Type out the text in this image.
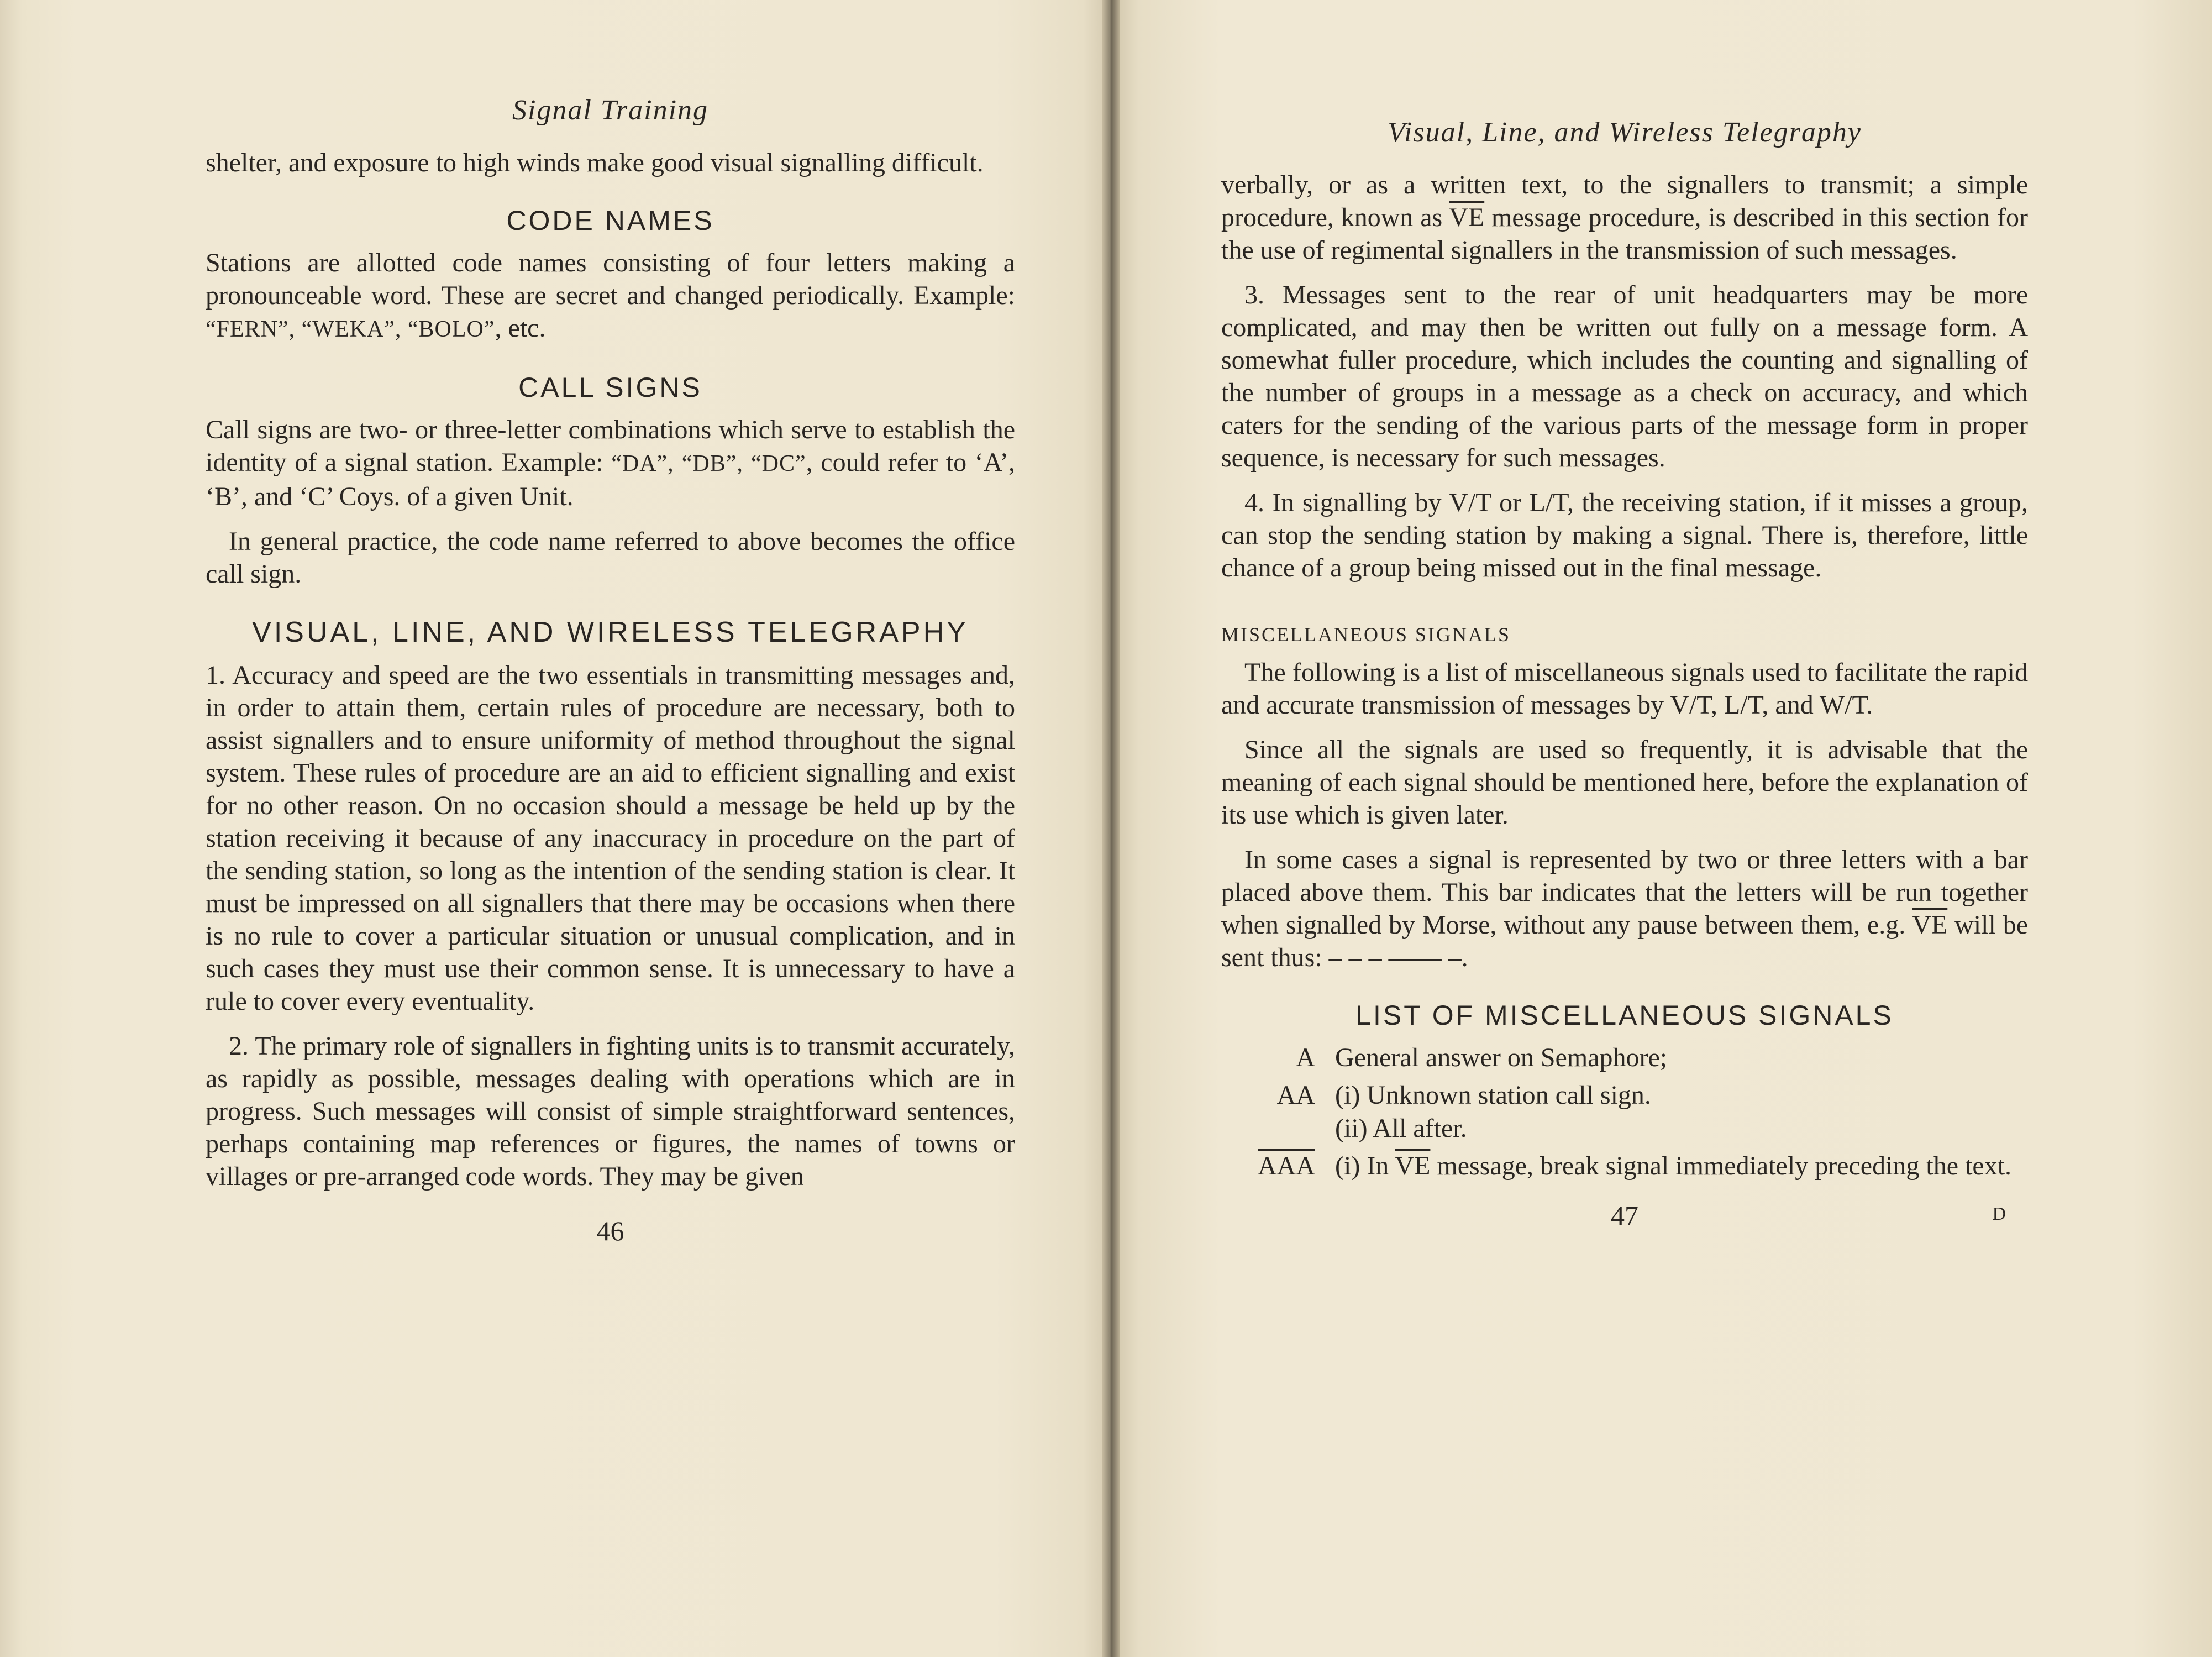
Signal Training

shelter, and exposure to high winds make good visual signalling difficult.

CODE NAMES

Stations are allotted code names consisting of four letters making a pronounceable word. These are secret and changed periodically. Example: “FERN”, “WEKA”, “BOLO”, etc.

CALL SIGNS

Call signs are two- or three-letter combinations which serve to establish the identity of a signal station. Example: “DA”, “DB”, “DC”, could refer to ‘A’, ‘B’, and ‘C’ Coys. of a given Unit.

In general practice, the code name referred to above becomes the office call sign.

VISUAL, LINE, AND WIRELESS TELEGRAPHY

1. Accuracy and speed are the two essentials in transmitting messages and, in order to attain them, certain rules of procedure are necessary, both to assist signallers and to ensure uniformity of method throughout the signal system. These rules of procedure are an aid to efficient signalling and exist for no other reason. On no occasion should a message be held up by the station receiving it because of any inaccuracy in procedure on the part of the sending station, so long as the intention of the sending station is clear. It must be impressed on all signallers that there may be occasions when there is no rule to cover a particular situation or unusual complication, and in such cases they must use their common sense. It is unnecessary to have a rule to cover every eventuality.

2. The primary role of signallers in fighting units is to transmit accurately, as rapidly as possible, messages dealing with operations which are in progress. Such messages will consist of simple straightforward sentences, perhaps containing map references or figures, the names of towns or villages or pre-arranged code words. They may be given

46
Visual, Line, and Wireless Telegraphy

verbally, or as a written text, to the signallers to transmit; a simple procedure, known as $\overline{VE}$ message procedure, is described in this section for the use of regimental signallers in the transmission of such messages.

3. Messages sent to the rear of unit headquarters may be more complicated, and may then be written out fully on a message form. A somewhat fuller procedure, which includes the counting and signalling of the number of groups in a message as a check on accuracy, and which caters for the sending of the various parts of the message form in proper sequence, is necessary for such messages.

4. In signalling by V/T or L/T, the receiving station, if it misses a group, can stop the sending station by making a signal. There is, therefore, little chance of a group being missed out in the final message.

MISCELLANEOUS SIGNALS

The following is a list of miscellaneous signals used to facilitate the rapid and accurate transmission of messages by V/T, L/T, and W/T.

Since all the signals are used so frequently, it is advisable that the meaning of each signal should be mentioned here, before the explanation of its use which is given later.

In some cases a signal is represented by two or three letters with a bar placed above them. This bar indicates that the letters will be run together when signalled by Morse, without any pause between them, e.g. $\overline{VE}$ will be sent thus: – – – —— –.

LIST OF MISCELLANEOUS SIGNALS
A General answer on Semaphore;
AA (i) Unknown station call sign.
(ii) All after.
$\overline{AAA}$ (i) In $\overline{VE}$ message, break signal immediately preceding the text.
47	D
